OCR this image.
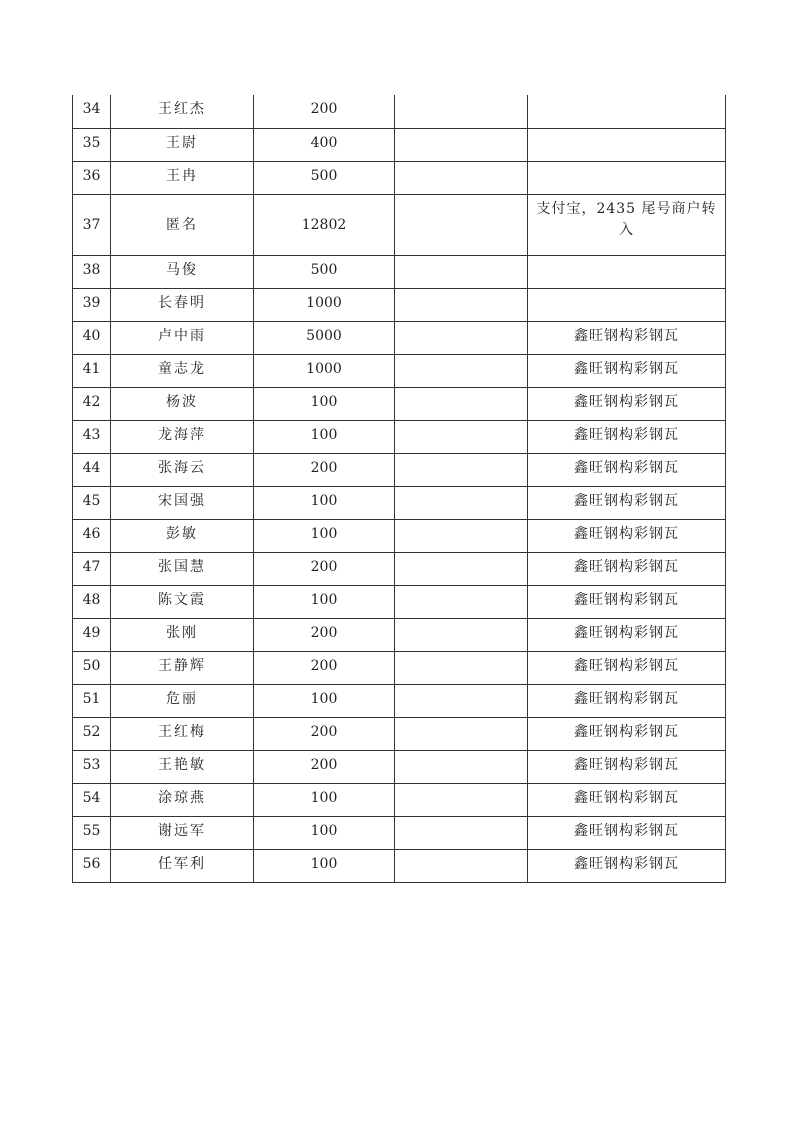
34	王红杰	200		
35	王尉	400		
36	王冉	500		
37	匿名	12802		支付宝，2435 尾号商户转入
38	马俊	500		
39	长春明	1000		
40	卢中雨	5000		鑫旺钢构彩钢瓦
41	童志龙	1000		鑫旺钢构彩钢瓦
42	杨波	100		鑫旺钢构彩钢瓦
43	龙海萍	100		鑫旺钢构彩钢瓦
44	张海云	200		鑫旺钢构彩钢瓦
45	宋国强	100		鑫旺钢构彩钢瓦
46	彭敏	100		鑫旺钢构彩钢瓦
47	张国慧	200		鑫旺钢构彩钢瓦
48	陈文霞	100		鑫旺钢构彩钢瓦
49	张刚	200		鑫旺钢构彩钢瓦
50	王静辉	200		鑫旺钢构彩钢瓦
51	危丽	100		鑫旺钢构彩钢瓦
52	王红梅	200		鑫旺钢构彩钢瓦
53	王艳敏	200		鑫旺钢构彩钢瓦
54	涂琼燕	100		鑫旺钢构彩钢瓦
55	谢远军	100		鑫旺钢构彩钢瓦
56	任军利	100		鑫旺钢构彩钢瓦
